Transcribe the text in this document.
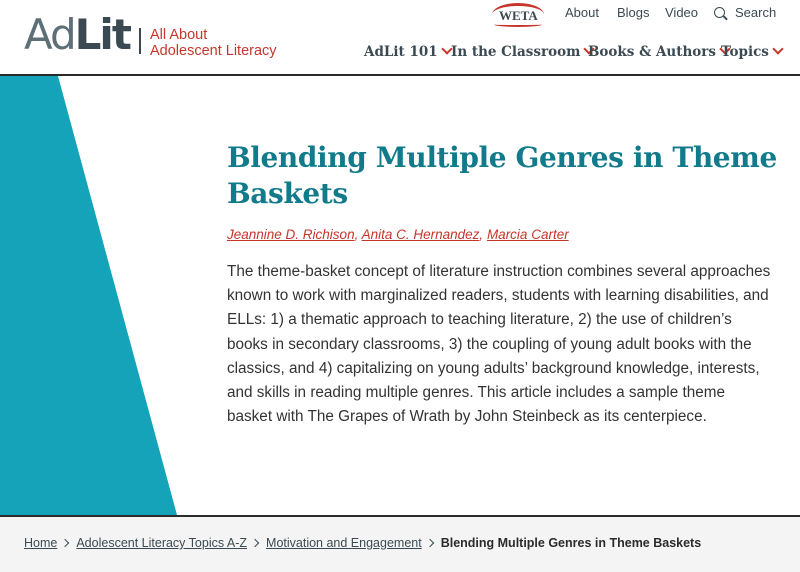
AdLit All About
Adolescent Literacy
WETA About Blogs Video	Search
AdLit 101 In the Classroom Books & Authors Topics
Blending Multiple Genres in Theme Baskets
Jeannine D. Richison, Anita C. Hernandez, Marcia Carter

The theme-basket concept of literature instruction combines several approaches known to work with marginalized readers, students with learning disabilities, and ELLs: 1) a thematic approach to teaching literature, 2) the use of children’s books in secondary classrooms, 3) the coupling of young adult books with the classics, and 4) capitalizing on young adults’ background knowledge, interests, and skills in reading multiple genres. This article includes a sample theme basket with The Grapes of Wrath by John Steinbeck as its centerpiece.

Home Adolescent Literacy Topics A-Z Motivation and Engagement Blending Multiple Genres in Theme Baskets
